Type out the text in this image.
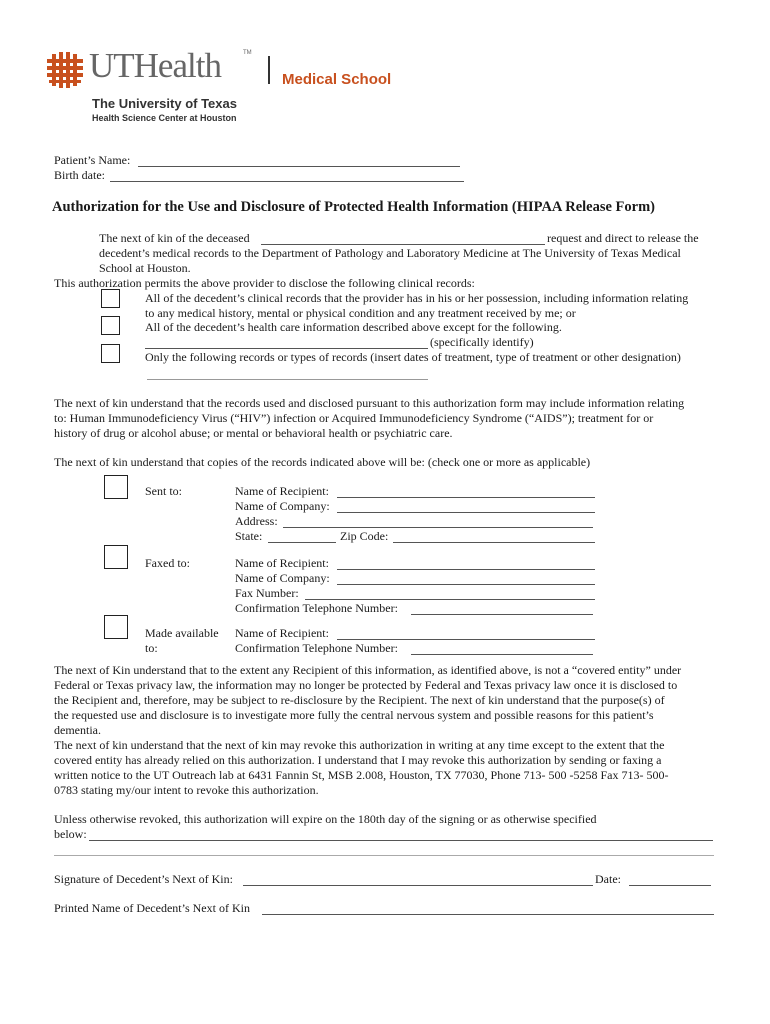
UTHealth	TM
Medical School
The University of Texas
Health Science Center at Houston
Patient’s Name:
Birth date:
Authorization for the Use and Disclosure of Protected Health Information (HIPAA Release Form)
The next of kin of the deceased	request and direct to release the
decedent’s medical records to the Department of Pathology and Laboratory Medicine at The University of Texas Medical
School at Houston.
This authorization permits the above provider to disclose the following clinical records:
All of the decedent’s clinical records that the provider has in his or her possession, including information relating
to any medical history, mental or physical condition and any treatment received by me; or
All of the decedent’s health care information described above except for the following.
(specifically identify)
Only the following records or types of records (insert dates of treatment, type of treatment or other designation)
The next of kin understand that the records used and disclosed pursuant to this authorization form may include information relating
to: Human Immunodeficiency Virus (“HIV”) infection or Acquired Immunodeficiency Syndrome (“AIDS”); treatment for or
history of drug or alcohol abuse; or mental or behavioral health or psychiatric care.
The next of kin understand that copies of the records indicated above will be: (check one or more as applicable)
Sent to:	Name of Recipient:
Name of Company:
Address:
State:	Zip Code:
Faxed to:	Name of Recipient:
Name of Company:
Fax Number:
Confirmation Telephone Number:
Made available
to:
Name of Recipient:
Confirmation Telephone Number:
The next of Kin understand that to the extent any Recipient of this information, as identified above, is not a “covered entity” under
Federal or Texas privacy law, the information may no longer be protected by Federal and Texas privacy law once it is disclosed to
the Recipient and, therefore, may be subject to re-disclosure by the Recipient. The next of kin understand that the purpose(s) of
the requested use and disclosure is to investigate more fully the central nervous system and possible reasons for this patient’s
dementia.
The next of kin understand that the next of kin may revoke this authorization in writing at any time except to the extent that the
covered entity has already relied on this authorization. I understand that I may revoke this authorization by sending or faxing a
written notice to the UT Outreach lab at 6431 Fannin St, MSB 2.008, Houston, TX 77030, Phone 713- 500 -5258 Fax 713- 500-
0783 stating my/our intent to revoke this authorization.
Unless otherwise revoked, this authorization will expire on the 180th day of the signing or as otherwise specified
below:
Signature of Decedent’s Next of Kin:	Date:
Printed Name of Decedent’s Next of Kin
